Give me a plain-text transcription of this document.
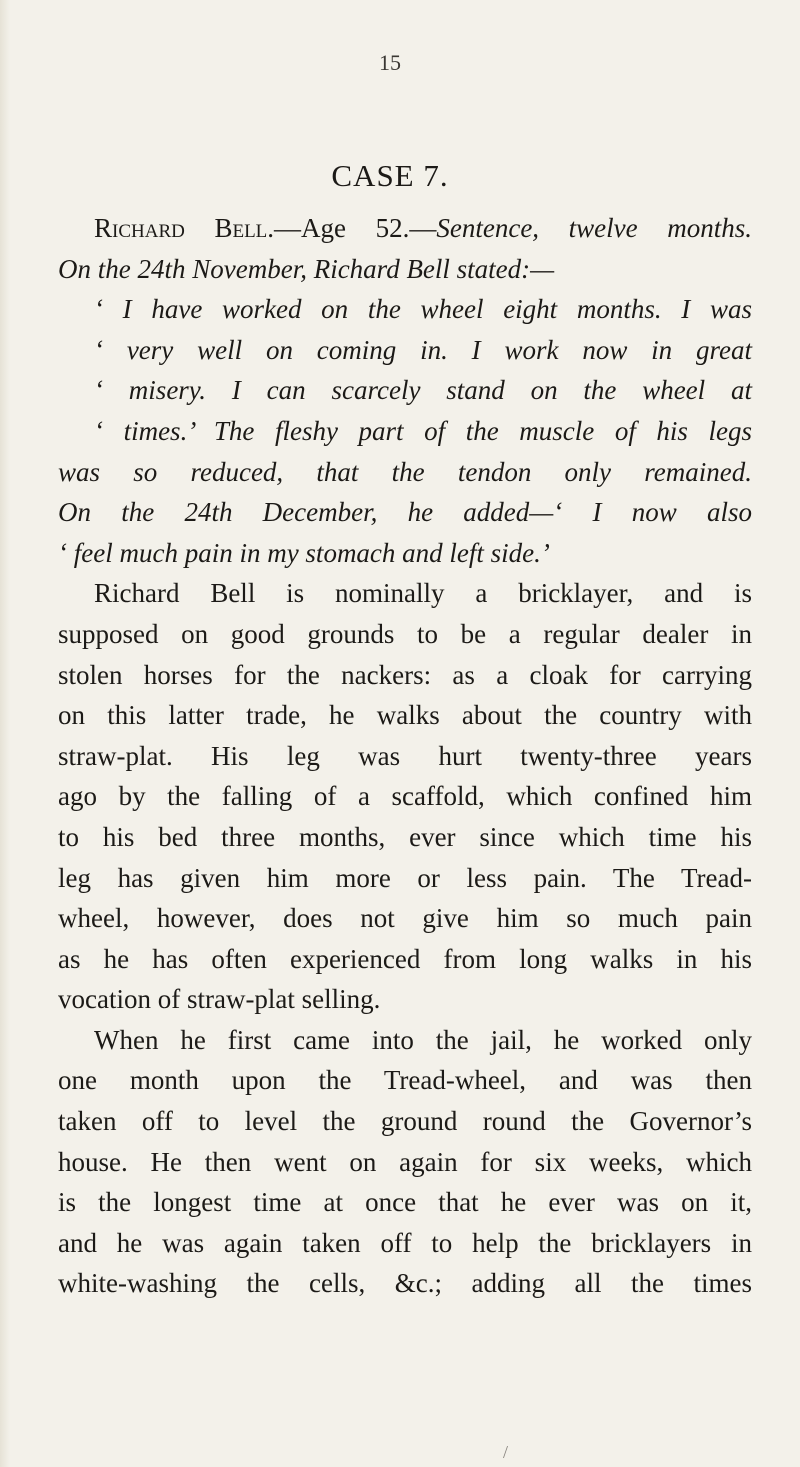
15
CASE 7.
Richard Bell.—Age 52.—Sentence, twelve months.
On the 24th November, Richard Bell stated:—
‘ I have worked on the wheel eight months. I was
‘ very well on coming in. I work now in great
‘ misery. I can scarcely stand on the wheel at
‘ times.’ The fleshy part of the muscle of his legs
was so reduced, that the tendon only remained.
On the 24th December, he added—‘ I now also
‘ feel much pain in my stomach and left side.’
Richard Bell is nominally a bricklayer, and is
supposed on good grounds to be a regular dealer in
stolen horses for the nackers: as a cloak for carrying
on this latter trade, he walks about the country with
straw-plat. His leg was hurt twenty-three years
ago by the falling of a scaffold, which confined him
to his bed three months, ever since which time his
leg has given him more or less pain. The Tread-
wheel, however, does not give him so much pain
as he has often experienced from long walks in his
vocation of straw-plat selling.
When he first came into the jail, he worked only
one month upon the Tread-wheel, and was then
taken off to level the ground round the Governor’s
house. He then went on again for six weeks, which
is the longest time at once that he ever was on it,
and he was again taken off to help the bricklayers in
white-washing the cells, &c.; adding all the times
/
